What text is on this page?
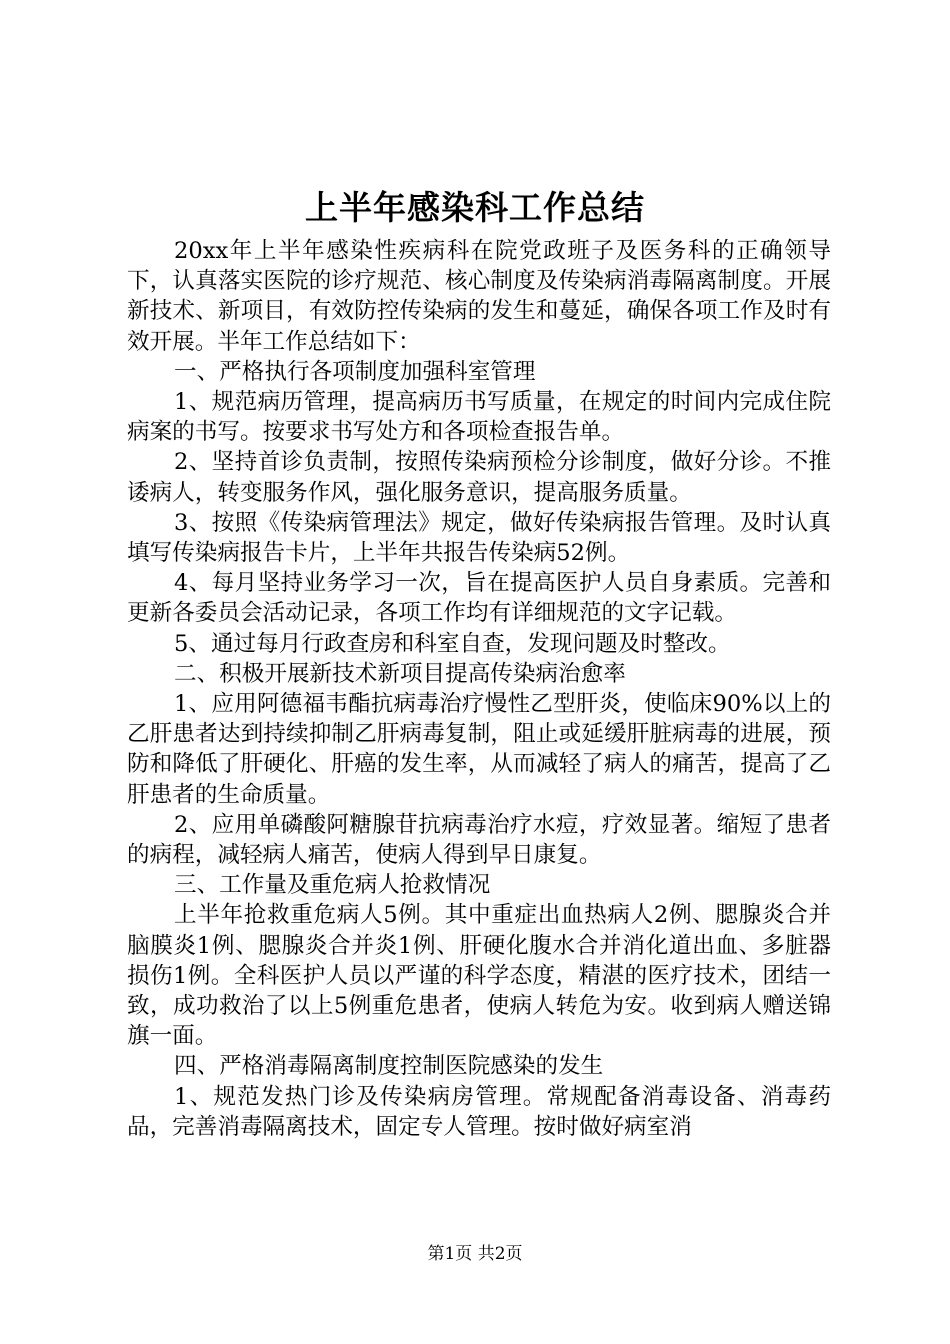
上半年感染科工作总结

20xx年上半年感染性疾病科在院党政班子及医务科的正确领导下，认真落实医院的诊疗规范、核心制度及传染病消毒隔离制度。开展新技术、新项目，有效防控传染病的发生和蔓延，确保各项工作及时有效开展。半年工作总结如下：

一、严格执行各项制度加强科室管理

1、规范病历管理，提高病历书写质量，在规定的时间内完成住院病案的书写。按要求书写处方和各项检查报告单。

2、坚持首诊负责制，按照传染病预检分诊制度，做好分诊。不推诿病人，转变服务作风，强化服务意识，提高服务质量。

3、按照《传染病管理法》规定，做好传染病报告管理。及时认真填写传染病报告卡片，上半年共报告传染病52例。

4、每月坚持业务学习一次，旨在提高医护人员自身素质。完善和更新各委员会活动记录，各项工作均有详细规范的文字记载。

5、通过每月行政查房和科室自查，发现问题及时整改。

二、积极开展新技术新项目提高传染病治愈率

1、应用阿德福韦酯抗病毒治疗慢性乙型肝炎，使临床90%以上的乙肝患者达到持续抑制乙肝病毒复制，阻止或延缓肝脏病毒的进展，预防和降低了肝硬化、肝癌的发生率，从而减轻了病人的痛苦，提高了乙肝患者的生命质量。

2、应用单磷酸阿糖腺苷抗病毒治疗水痘，疗效显著。缩短了患者的病程，减轻病人痛苦，使病人得到早日康复。

三、工作量及重危病人抢救情况

上半年抢救重危病人5例。其中重症出血热病人2例、腮腺炎合并脑膜炎1例、腮腺炎合并炎1例、肝硬化腹水合并消化道出血、多脏器损伤1例。全科医护人员以严谨的科学态度，精湛的医疗技术，团结一致，成功救治了以上5例重危患者，使病人转危为安。收到病人赠送锦旗一面。

四、严格消毒隔离制度控制医院感染的发生

1、规范发热门诊及传染病房管理。常规配备消毒设备、消毒药品，完善消毒隔离技术，固定专人管理。按时做好病室消

第1页 共2页
